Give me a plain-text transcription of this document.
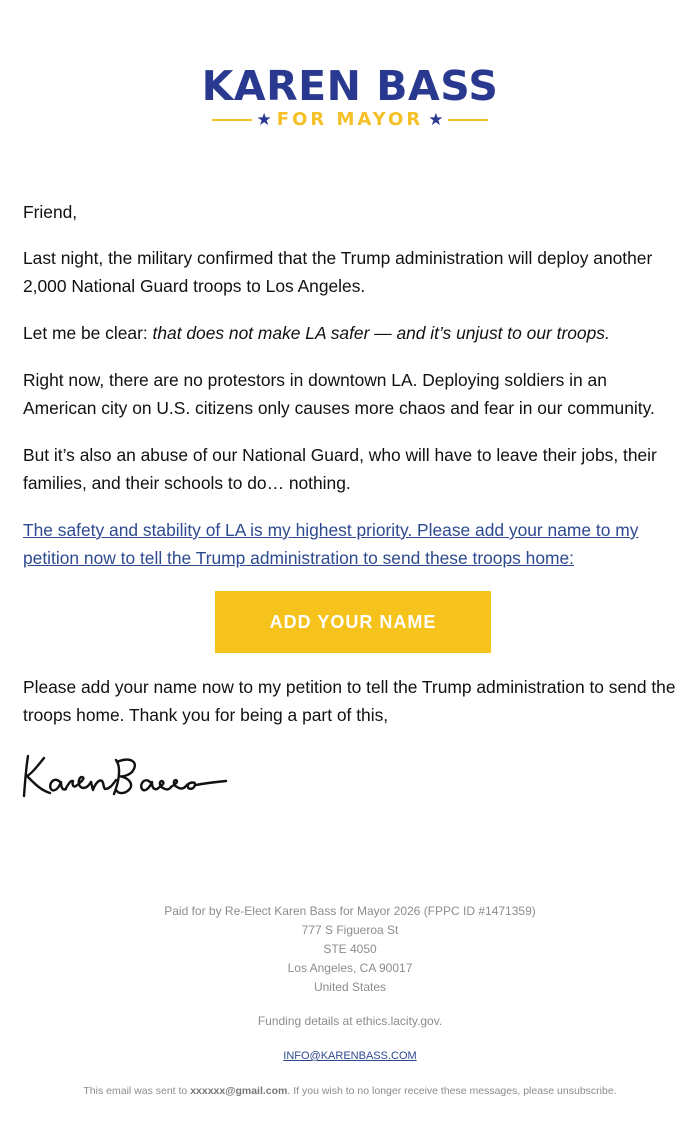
KAREN BASS
★ FOR MAYOR ★

Friend,

Last night, the military confirmed that the Trump administration will deploy another 2,000 National Guard troops to Los Angeles.

Let me be clear: that does not make LA safer — and it’s unjust to our troops.

Right now, there are no protestors in downtown LA. Deploying soldiers in an American city on U.S. citizens only causes more chaos and fear in our community.

But it’s also an abuse of our National Guard, who will have to leave their jobs, their families, and their schools to do… nothing.

The safety and stability of LA is my highest priority. Please add your name to my petition now to tell the Trump administration to send these troops home:

ADD YOUR NAME

Please add your name now to my petition to tell the Trump administration to send the troops home. Thank you for being a part of this,

Paid for by Re-Elect Karen Bass for Mayor 2026 (FPPC ID #1471359)
777 S Figueroa St
STE 4050
Los Angeles, CA 90017
United States
Funding details at ethics.lacity.gov.
INFO@KARENBASS.COM
This email was sent to xxxxxx@gmail.com. If you wish to no longer receive these messages, please unsubscribe.
